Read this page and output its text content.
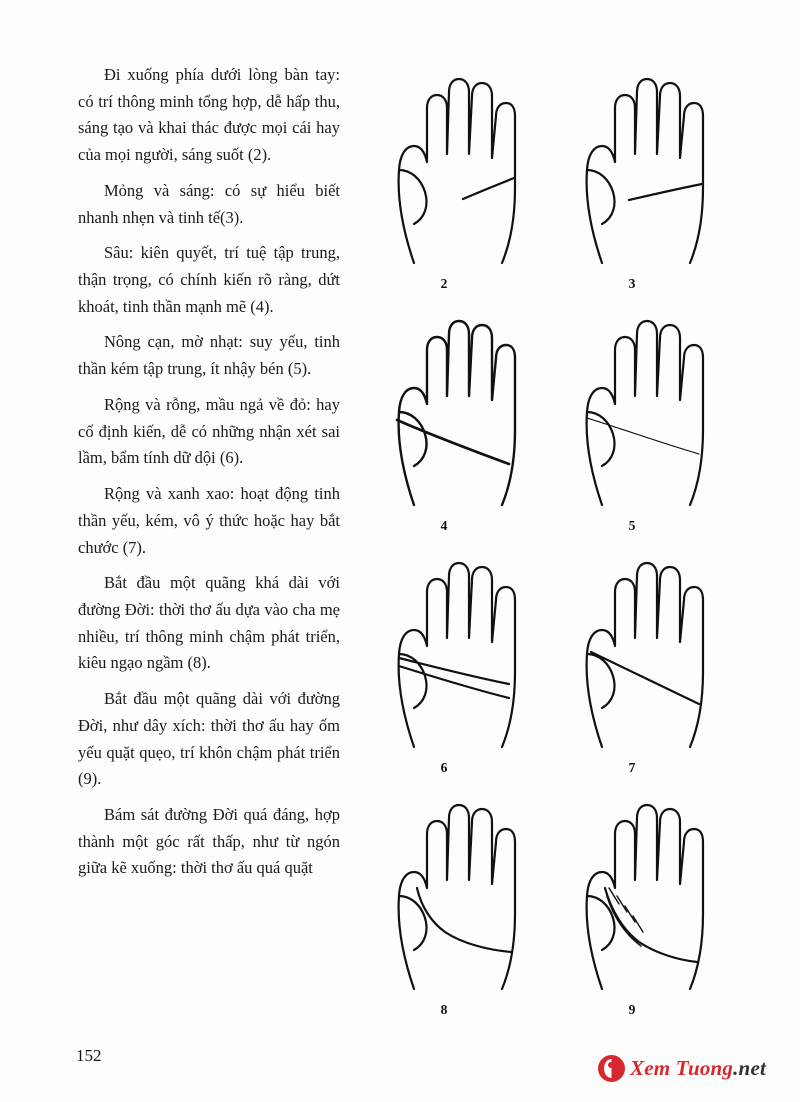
Đi xuống phía dưới lòng bàn tay: có trí thông minh tổng hợp, dễ hấp thu, sáng tạo và khai thác được mọi cái hay của mọi người, sáng suốt (2).

Mỏng và sáng: có sự hiểu biết nhanh nhẹn và tinh tế(3).

Sâu: kiên quyết, trí tuệ tập trung, thận trọng, có chính kiến rõ ràng, dứt khoát, tinh thần mạnh mẽ (4).

Nông cạn, mờ nhạt: suy yếu, tinh thần kém tập trung, ít nhậy bén (5).

Rộng và rỗng, mầu ngả về đỏ: hay cố định kiến, dễ có những nhận xét sai lầm, bẩm tính dữ dội (6).

Rộng và xanh xao: hoạt động tinh thần yếu, kém, vô ý thức hoặc hay bắt chước (7).

Bắt đầu một quãng khá dài với đường Đời: thời thơ ấu dựa vào cha mẹ nhiều, trí thông minh chậm phát triển, kiêu ngạo ngầm (8).

Bắt đầu một quãng dài với đường Đời, như dây xích: thời thơ ấu hay ốm yếu quặt quẹo, trí khôn chậm phát triển (9).

Bám sát đường Đời quá đáng, hợp thành một góc rất thấp, như từ ngón giữa kẽ xuống: thời thơ ấu quá quặt

2	3
4	5
6	7
8	9
152
Xem Tuong.net
